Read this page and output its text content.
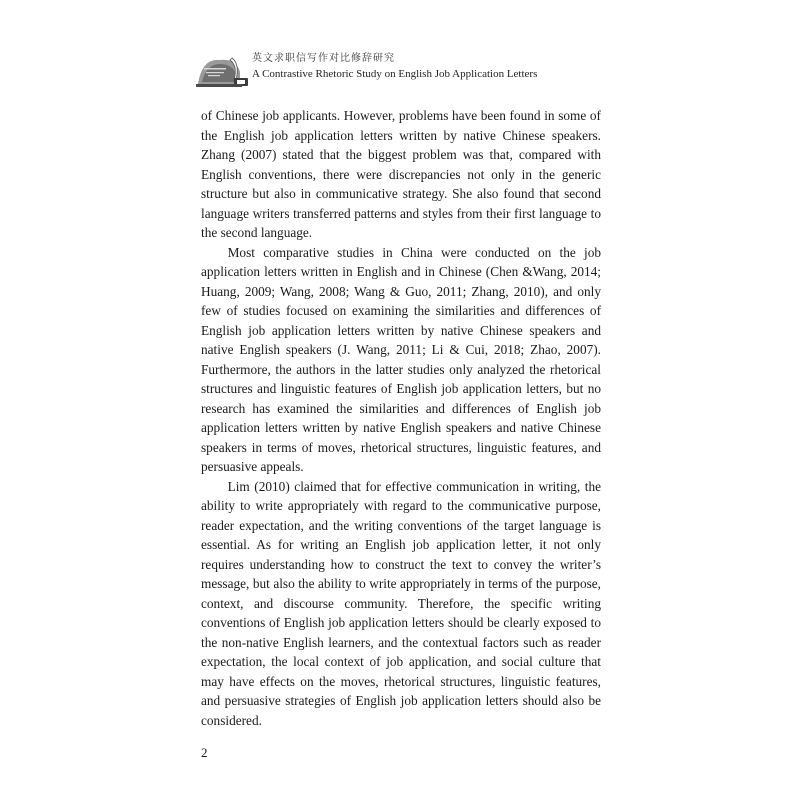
英文求职信写作对比修辞研究
A Contrastive Rhetoric Study on English Job Application Letters

of Chinese job applicants. However, problems have been found in some of the English job application letters written by native Chinese speakers. Zhang (2007) stated that the biggest problem was that, compared with English conventions, there were discrepancies not only in the generic structure but also in communicative strategy. She also found that second language writers transferred patterns and styles from their first language to the second language.

Most comparative studies in China were conducted on the job application letters written in English and in Chinese (Chen &Wang, 2014; Huang, 2009; Wang, 2008; Wang & Guo, 2011; Zhang, 2010), and only few of studies focused on examining the similarities and differences of English job application letters written by native Chinese speakers and native English speakers (J. Wang, 2011; Li & Cui, 2018; Zhao, 2007). Furthermore, the authors in the latter studies only analyzed the rhetorical structures and linguistic features of English job application letters, but no research has examined the similarities and differences of English job application letters written by native English speakers and native Chinese speakers in terms of moves, rhetorical structures, linguistic features, and persuasive appeals.

Lim (2010) claimed that for effective communication in writing, the ability to write appropriately with regard to the communicative purpose, reader expectation, and the writing conventions of the target language is essential. As for writing an English job application letter, it not only requires understanding how to construct the text to convey the writer’s message, but also the ability to write appropriately in terms of the purpose, context, and discourse community. Therefore, the specific writing conventions of English job application letters should be clearly exposed to the non-native English learners, and the contextual factors such as reader expectation, the local context of job application, and social culture that may have effects on the moves, rhetorical structures, linguistic features, and persuasive strategies of English job application letters should also be considered.

2
